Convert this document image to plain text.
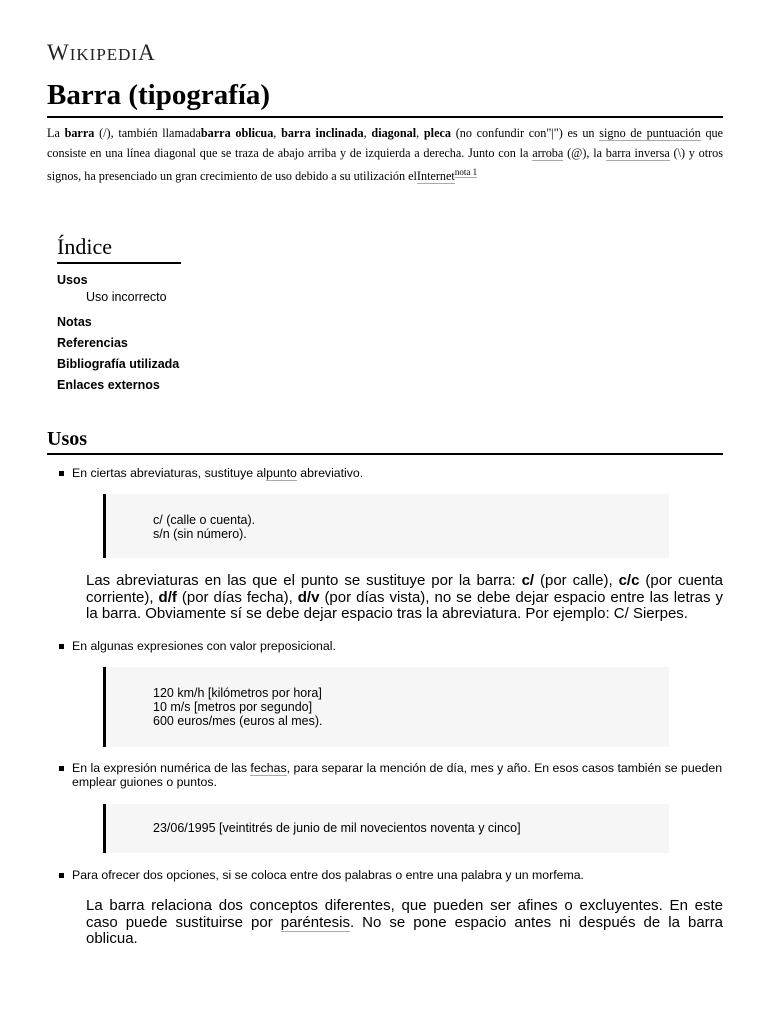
WIKIPEDIA
Barra (tipografía)

La barra (/), también llamadabarra oblicua, barra inclinada, diagonal, pleca (no confundir con"|") es un signo de puntuación que consiste en una línea diagonal que se traza de abajo arriba y de izquierda a derecha. Junto con la arroba (@), la barra inversa (\) y otros signos, ha presenciado un gran crecimiento de uso debido a su utilización elInternet$^{nota 1}$

Índice
Usos
Uso incorrecto
Notas
Referencias
Bibliografía utilizada
Enlaces externos
Usos
En ciertas abreviaturas, sustituye alpunto abreviativo.
c/ (calle o cuenta).
s/n (sin número).

Las abreviaturas en las que el punto se sustituye por la barra: c/ (por calle), c/c (por cuenta corriente), d/f (por días fecha), d/v (por días vista), no se debe dejar espacio entre las letras y la barra. Obviamente sí se debe dejar espacio tras la abreviatura. Por ejemplo: C/ Sierpes.

En algunas expresiones con valor preposicional.
120 km/h [kilómetros por hora]
10 m/s [metros por segundo]
600 euros/mes (euros al mes).
En la expresión numérica de las fechas, para separar la mención de día, mes y año. En esos casos también se pueden emplear guiones o puntos.
23/06/1995 [veintitrés de junio de mil novecientos noventa y cinco]
Para ofrecer dos opciones, si se coloca entre dos palabras o entre una palabra y un morfema.

La barra relaciona dos conceptos diferentes, que pueden ser afines o excluyentes. En este caso puede sustituirse por paréntesis. No se pone espacio antes ni después de la barra oblicua.
